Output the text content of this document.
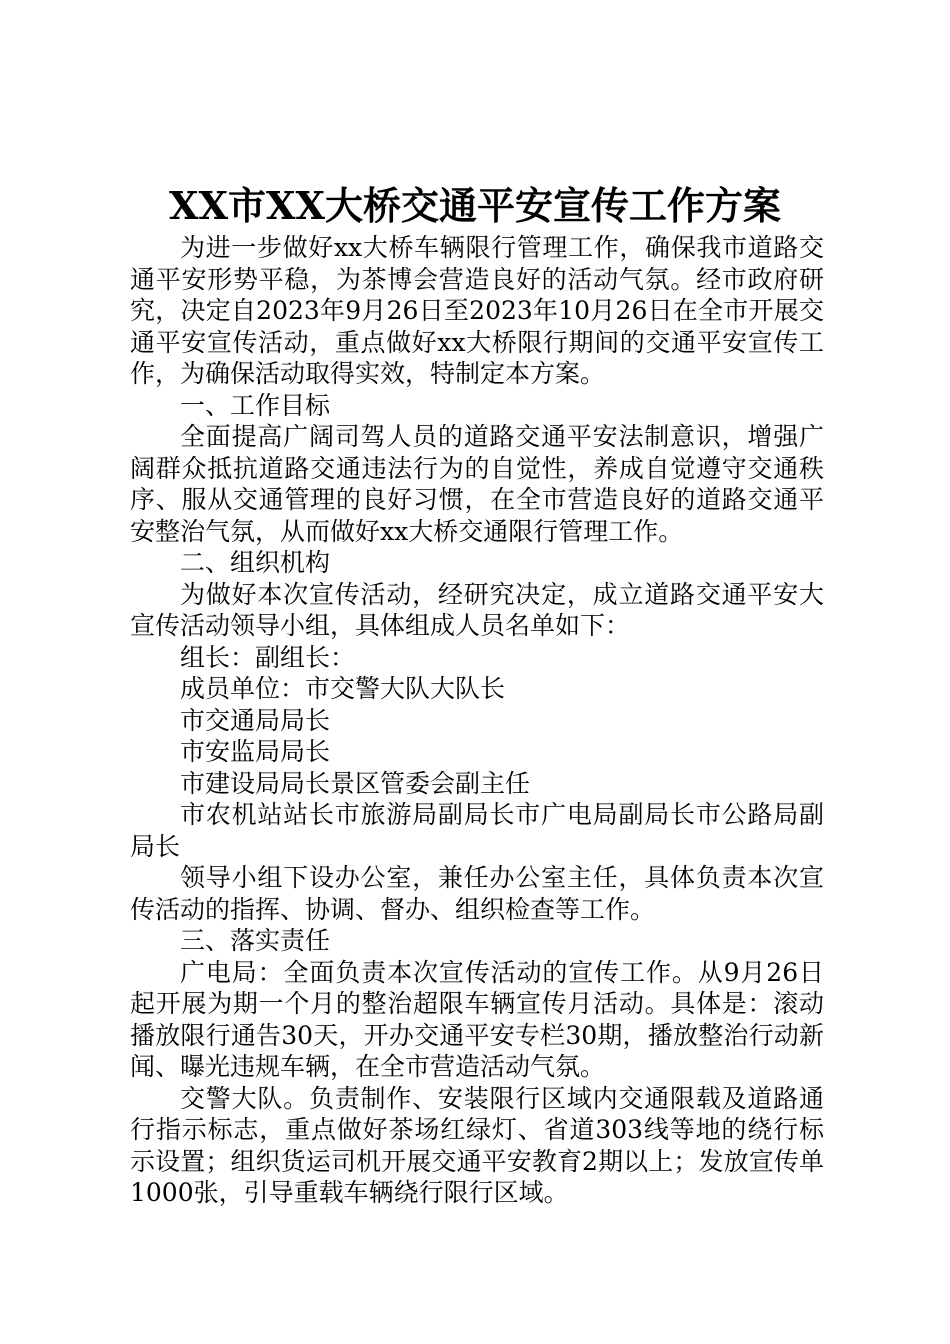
XX市XX大桥交通平安宣传工作方案

为进一步做好xx大桥车辆限行管理工作，确保我市道路交通平安形势平稳，为茶博会营造良好的活动气氛。经市政府研究，决定自2023年9月26日至2023年10月26日在全市开展交通平安宣传活动，重点做好xx大桥限行期间的交通平安宣传工作，为确保活动取得实效，特制定本方案。

一、工作目标

全面提高广阔司驾人员的道路交通平安法制意识，增强广阔群众抵抗道路交通违法行为的自觉性，养成自觉遵守交通秩序、服从交通管理的良好习惯，在全市营造良好的道路交通平安整治气氛，从而做好xx大桥交通限行管理工作。

二、组织机构

为做好本次宣传活动，经研究决定，成立道路交通平安大宣传活动领导小组，具体组成人员名单如下：

组长：副组长：

成员单位：市交警大队大队长

市交通局局长

市安监局局长

市建设局局长景区管委会副主任

市农机站站长市旅游局副局长市广电局副局长市公路局副局长

领导小组下设办公室，兼任办公室主任，具体负责本次宣传活动的指挥、协调、督办、组织检查等工作。

三、落实责任

广电局：全面负责本次宣传活动的宣传工作。从9月26日起开展为期一个月的整治超限车辆宣传月活动。具体是：滚动播放限行通告30天，开办交通平安专栏30期，播放整治行动新闻、曝光违规车辆，在全市营造活动气氛。

交警大队。负责制作、安装限行区域内交通限载及道路通行指示标志，重点做好茶场红绿灯、省道303线等地的绕行标示设置；组织货运司机开展交通平安教育2期以上；发放宣传单1000张，引导重载车辆绕行限行区域。
